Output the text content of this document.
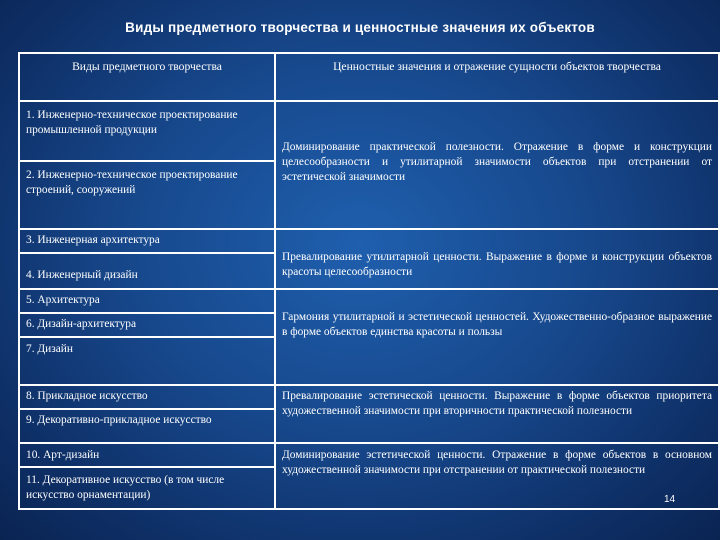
Виды предметного творчества и ценностные значения их объектов
Виды предметного творчества	Ценностные значения и отражение сущности объектов творчества
1. Инженерно-техническое проектирование промышленной продукции
2. Инженерно-техническое проектирование строений, сооружений
3. Инженерная архитектура
4. Инженерный дизайн
5. Архитектура
6. Дизайн-архитектура
7. Дизайн
8. Прикладное искусство
9. Декоративно-прикладное искусство
10. Арт-дизайн
11. Декоративное искусство (в том числе искусство орнаментации)
Доминирование практической полезности. Отражение в форме и конструкции целесообразности и утилитарной значимости объектов при отстранении от эстетической значимости
Превалирование утилитарной ценности. Выражение в форме и конструкции объектов красоты целесообразности
Гармония утилитарной и эстетической ценностей. Художественно-образное выражение в форме объектов единства красоты и пользы
Превалирование эстетической ценности. Выражение в форме объектов приоритета художественной значимости при вторичности практической полезности
Доминирование эстетической ценности. Отражение в форме объектов в основном художественной значимости при отстранении от практической полезности
14
